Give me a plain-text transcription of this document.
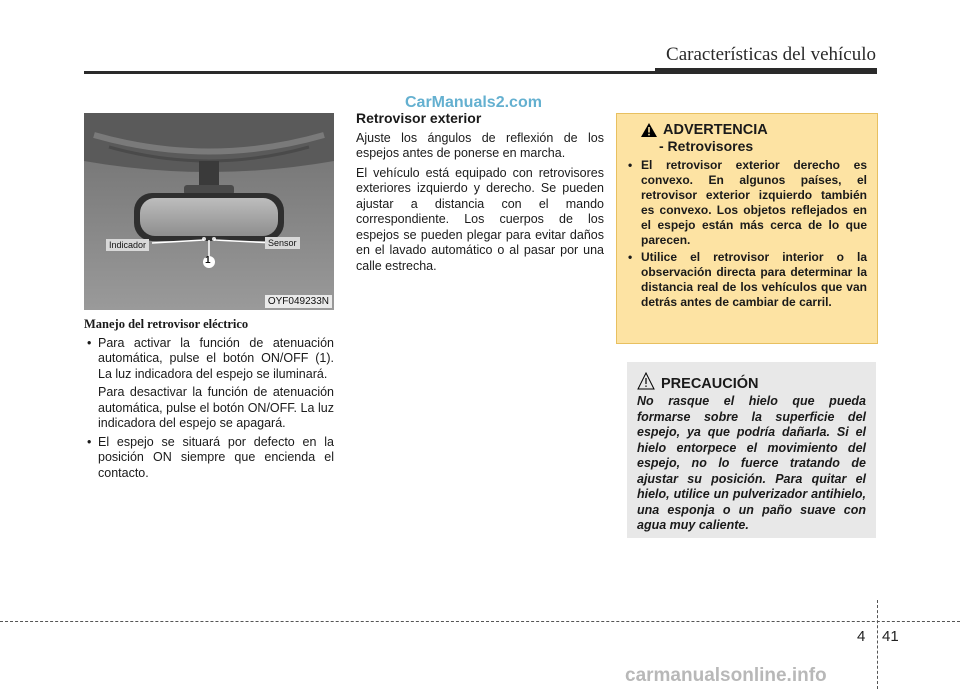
Características del vehículo
CarManuals2.com
Indicador	Sensor
1
OYF049233N
Manejo del retrovisor eléctrico
• Para activar la función de atenuación automática, pulse el botón ON/OFF (1). La luz indicadora del espejo se iluminará.
Para desactivar la función de atenuación automática, pulse el botón ON/OFF. La luz indicadora del espejo se apagará.
• El espejo se situará por defecto en la posición ON siempre que encienda el contacto.
Retrovisor exterior

Ajuste los ángulos de reflexión de los espejos antes de ponerse en marcha.

El vehículo está equipado con retrovisores exteriores izquierdo y derecho. Se pueden ajustar a distancia con el mando correspondiente. Los cuerpos de los espejos se pueden plegar para evitar daños en el lavado automático o al pasar por una calle estrecha.

ADVERTENCIA
- Retrovisores
• El retrovisor exterior derecho es convexo. En algunos países, el retrovisor exterior izquierdo también es convexo. Los objetos reflejados en el espejo están más cerca de lo que parecen.
• Utilice el retrovisor interior o la observación directa para determinar la distancia real de los vehículos que van detrás antes de cambiar de carril.
PRECAUCIÓN
No rasque el hielo que pueda formarse sobre la superficie del espejo, ya que podría dañarla. Si el hielo entorpece el movimiento del espejo, no lo fuerce tratando de ajustar su posición. Para quitar el hielo, utilice un pulverizador antihielo, una esponja o un paño suave con agua muy caliente.
4 41
carmanualsonline.info
